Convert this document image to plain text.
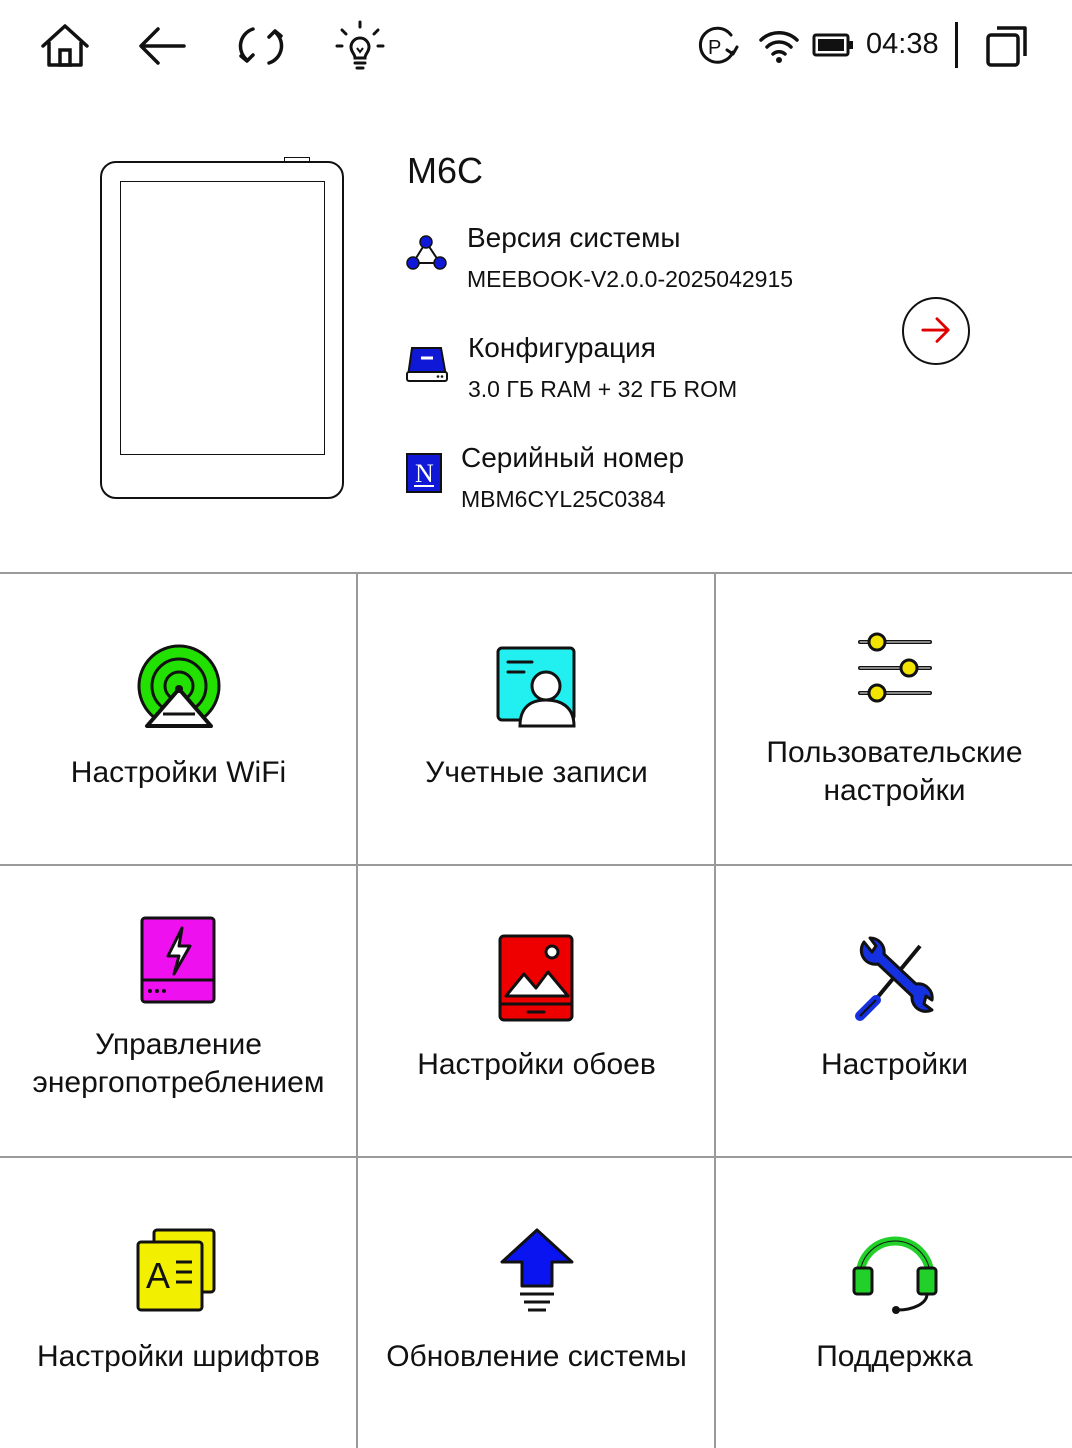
P	04:38
M6C
Версия системы
MEEBOOK-V2.0.0-2025042915
Конфигурация
3.0 ГБ RAM + 32 ГБ ROM
N
Серийный номер
MBM6CYL25C0384
Настройки WiFi	Учетные записи
Пользовательские настройки
Управление энергопотреблением
Настройки обоев	Настройки
A
Настройки шрифтов	Обновление системы	Поддержка
